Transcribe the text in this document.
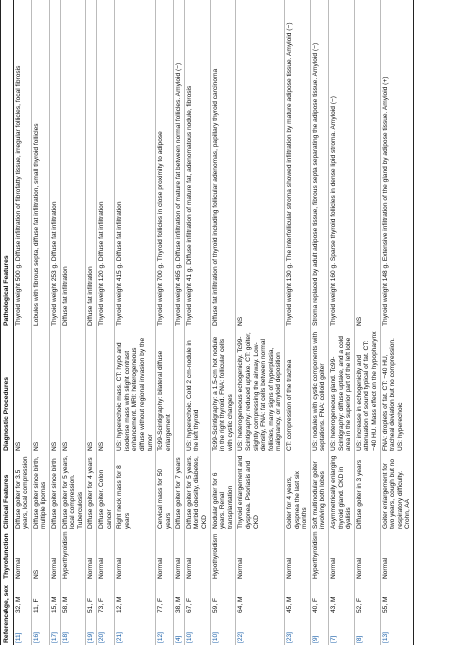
Reference	Age, sex	Thyrofunction	Clinical Features	Diagnostic Procedures	Pathological Features
[11]	32, M	Normal	Diffuse goiter for 3.5 years, local compression	NS	Thyroid weight 500 g. Diffuse infiltration of fibrofatty tissue, irregular follicles, focal fibrosis
[16]	11, F	NS	Diffuse goiter since birth, multiple lipomas	NS	Lobules with fibrous septa, diffuse fat infiltration, small thyroid follicles
[17]	15, M	Normal	Diffuse goiter since birth	NS	Thyroid weight 253 g. Diffuse fat infiltration
[18]	58, M	Hyperthyroidism	Diffuse goiter for 5 years, local compression. Tuberculosis	NS	Diffuse fat infiltration
[19]	51, F	Normal	Diffuse goiter for 4 years	NS	Diffuse fat infiltration
[20]	73, F	Normal	Diffuse goiter. Colon cancer	NS	Thyroid weight 120 g. Diffuse fat infiltration
[21]	12, M	Normal	Right neck mass for 8 years	US: hyperechoic mass. CT: hypo and isodense mass with slight contrast enhancement. MRI: heterogeneous diffuse without regional invasion by the tumor	Thyroid weight 415 g. Diffuse fat infiltration
[12]	77, F	Normal	Cervical mass for 50 years	Tc99-Scintigraphy: bilateral diffuse enlargement	Thyroid weight 700 g. Thyroid follicles in close proximity to adipose
[4]	38, M	Normal	Diffuse goiter for 7 years		Thyroid weight 465 g. Diffuse infiltration of mature fat between normal follicles. Amyloid (−)
[10]	67, F	Normal	Diffuse goiter for 5 years. Morbid obesity, diabetes, CKD	US: hyperechoic. Cold 2 cm-nodule in the left thyroid	Thyroid weight 41 g. Diffuse infiltration of mature fat, adenomatous nodule, fibrosis
[10]	59, F	Hypothyroidism	Nodular goiter for 6 years. Renal transplantation	Tc99-Scintigraphy: a 1.5-cm hot nodule in the right thyroid. FNA: follicular cells with cystic changes	Diffuse fat infiltration of thyroid including follicular adenomas, papillary thyroid carcinoma
[22]	64, M	Normal	Thyroid enlargement and dyspnea. Psoriasis and CKD	US: heterogeneous echogenicity. Tc99-Scintigraphy: reduced uptake. CT: goiter, slightly compressing the airway. Low-density, FNA: fat cells between normal follicles, many signs of hyperplasia, malignancy, or amyloid deposition	NS
[23]	45, M	Normal	Goiter for 4 years, dyspnea the last six months	CT: compression of the trachea	Thyroid weight 130 g. The interfollicular stroma showed infiltration by mature adipose tissue. Amyloid (−)
[9]	40, F	Hyperthyroidism	Soft multinodular goiter involving both lobes	US: nodules with cystic components with septations. FNA: colloid goiter	Stroma replaced by adult adipose tissue, fibrous septa separating the adipose tissue. Amyloid (−)
[7]	43, M	Normal	Asymmetrically enlarging thyroid gland. CKD in dyalisis	US: heterogeneous gland. Tc99-Scintigraphy: diffuse uptake, and a cold area in the superior part of the left lobe	Thyroid weight 160 g. Sparse thyroid follicles in dense lipid stroma. Amyloid (−)
[8]	52, F	Normal	Diffuse goiter in 3 years	US: increase in echogenicity and attenuation of sound typical of fat. CT: −40 HU. Mass effect on the hypopharynx	NS
[13]	55, M	Normal	Goiter enlargement for two years, cough but no respiratory difficulty. Crohn, AA	FNA: droplets of fat. CT: −40 HU, tracheal deviation but no compression. US: hyperechoic	Thyroid weight 148 g. Extensive infiltration of the gland by adipose tissue. Amyloid (+)
